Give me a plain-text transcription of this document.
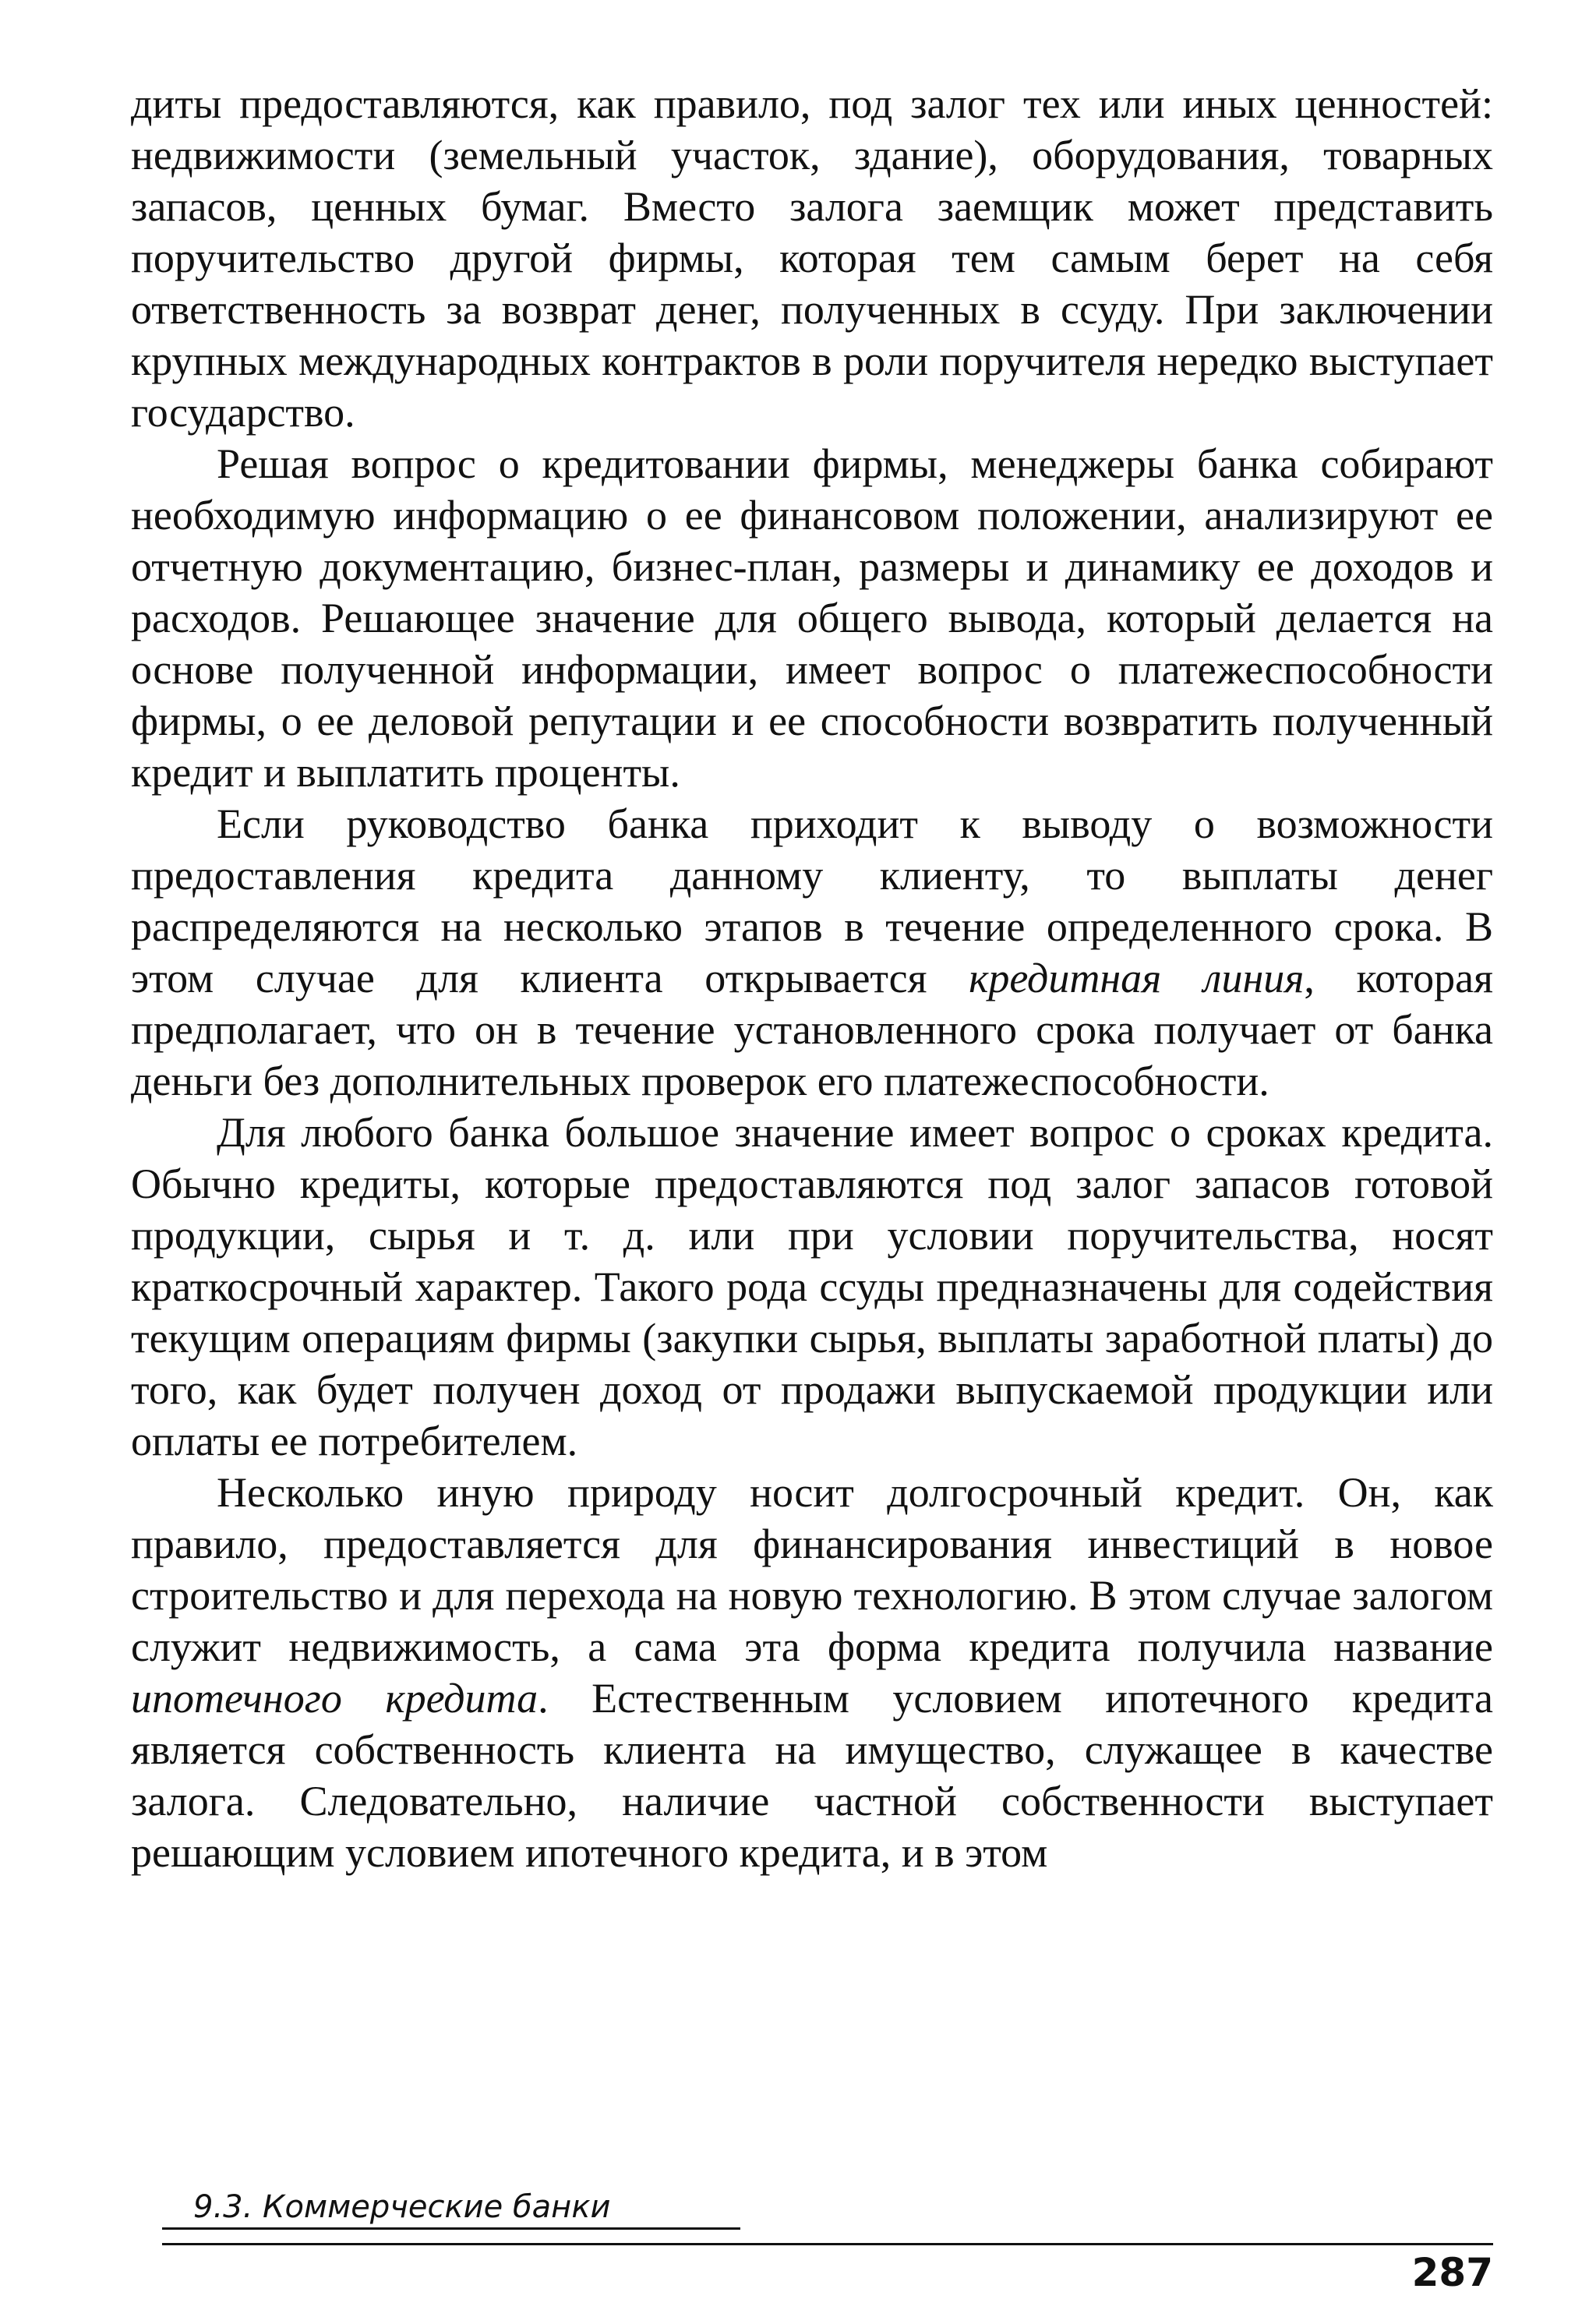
диты предоставляются, как правило, под залог тех или иных ценностей: недвижимости (земельный участок, здание), оборудования, товарных запасов, ценных бумаг. Вместо залога заемщик может представить поручительство другой фирмы, которая тем самым берет на себя ответственность за возврат денег, полученных в ссуду. При заключении крупных международных контрактов в роли поручителя нередко выступает государство.

Решая вопрос о кредитовании фирмы, менеджеры банка собирают необходимую информацию о ее финансовом положении, анализируют ее отчетную документацию, бизнес-план, размеры и динамику ее доходов и расходов. Решающее значение для общего вывода, который делается на основе полученной информации, имеет вопрос о платежеспособности фирмы, о ее деловой репутации и ее способности возвратить полученный кредит и выплатить проценты.

Если руководство банка приходит к выводу о возможности предоставления кредита данному клиенту, то выплаты денег распределяются на несколько этапов в течение определенного срока. В этом случае для клиента открывается кредитная линия, которая предполагает, что он в течение установленного срока получает от банка деньги без дополнительных проверок его платежеспособности.

Для любого банка большое значение имеет вопрос о сроках кредита. Обычно кредиты, которые предоставляются под залог запасов готовой продукции, сырья и т. д. или при условии поручительства, носят краткосрочный характер. Такого рода ссуды предназначены для содействия текущим операциям фирмы (закупки сырья, выплаты заработной платы) до того, как будет получен доход от продажи выпускаемой продукции или оплаты ее потребителем.

Несколько иную природу носит долгосрочный кредит. Он, как правило, предоставляется для финансирования инвестиций в новое строительство и для перехода на новую технологию. В этом случае залогом служит недвижимость, а сама эта форма кредита получила название ипотечного кредита. Естественным условием ипотечного кредита является собственность клиента на имущество, служащее в качестве залога. Следовательно, наличие частной собственности выступает решающим условием ипотечного кредита, и в этом

9.3. Коммерческие банки
287
